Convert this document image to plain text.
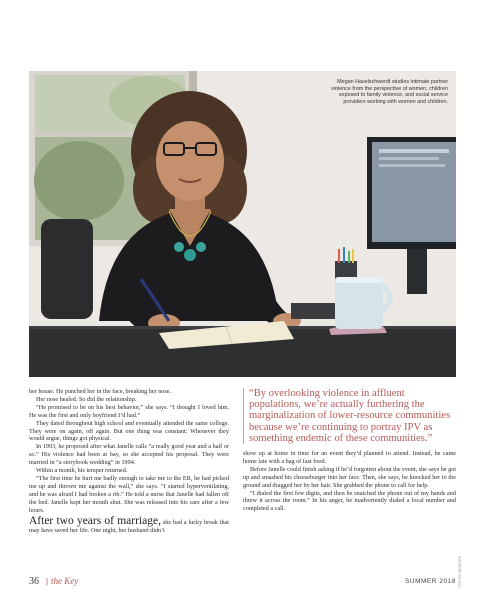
Megan Haselschwerdt studies intimate partner violence from the perspective of women, children exposed to family violence, and social service providers working with women and children.

her house. He punched her in the face, breaking her nose.

Her nose healed. So did the relationship.

“He promised to be on his best behavior,” she says. “I thought I loved him. He was the first and only boyfriend I’d had.”

They dated throughout high school and eventually attended the same college. They were on again, off again. But one thing was constant: Whenever they would argue, things got physical.

In 1993, he proposed after what Janelle calls “a really good year and a half or so.” His violence had been at bay, so she accepted his proposal. They were married in “a storybook wedding” in 1994.

Within a month, his temper returned.

“The first time he hurt me badly enough to take me to the ER, he had picked me up and thrown me against the wall,” she says. “I started hyperventilating, and he was afraid I had broken a rib.” He told a nurse that Janelle had fallen off the bed. Janelle kept her mouth shut. She was released into his care after a few hours.

After two years of marriage, she had a lucky break that may have saved her life. One night, her husband didn’t

“By overlooking violence in affluent populations, we’re actually furthering the marginalization of lower-resource communities because we’re continuing to portray IPV as something endemic of these communities.”

show up at home in time for an event they’d planned to attend. Instead, he came home late with a bag of fast food.

Before Janelle could finish asking if he’d forgotten about the event, she says he got up and smashed his cheeseburger into her face. Then, she says, he knocked her to the ground and dragged her by her hair. She grabbed the phone to call for help.

“I dialed the first few digits, and then he snatched the phone out of my hands and threw it across the room.” In his anger, he inadvertently dialed a local number and completed a call.

STEVEN BRIDGES
36 | the Key	SUMMER 2018
